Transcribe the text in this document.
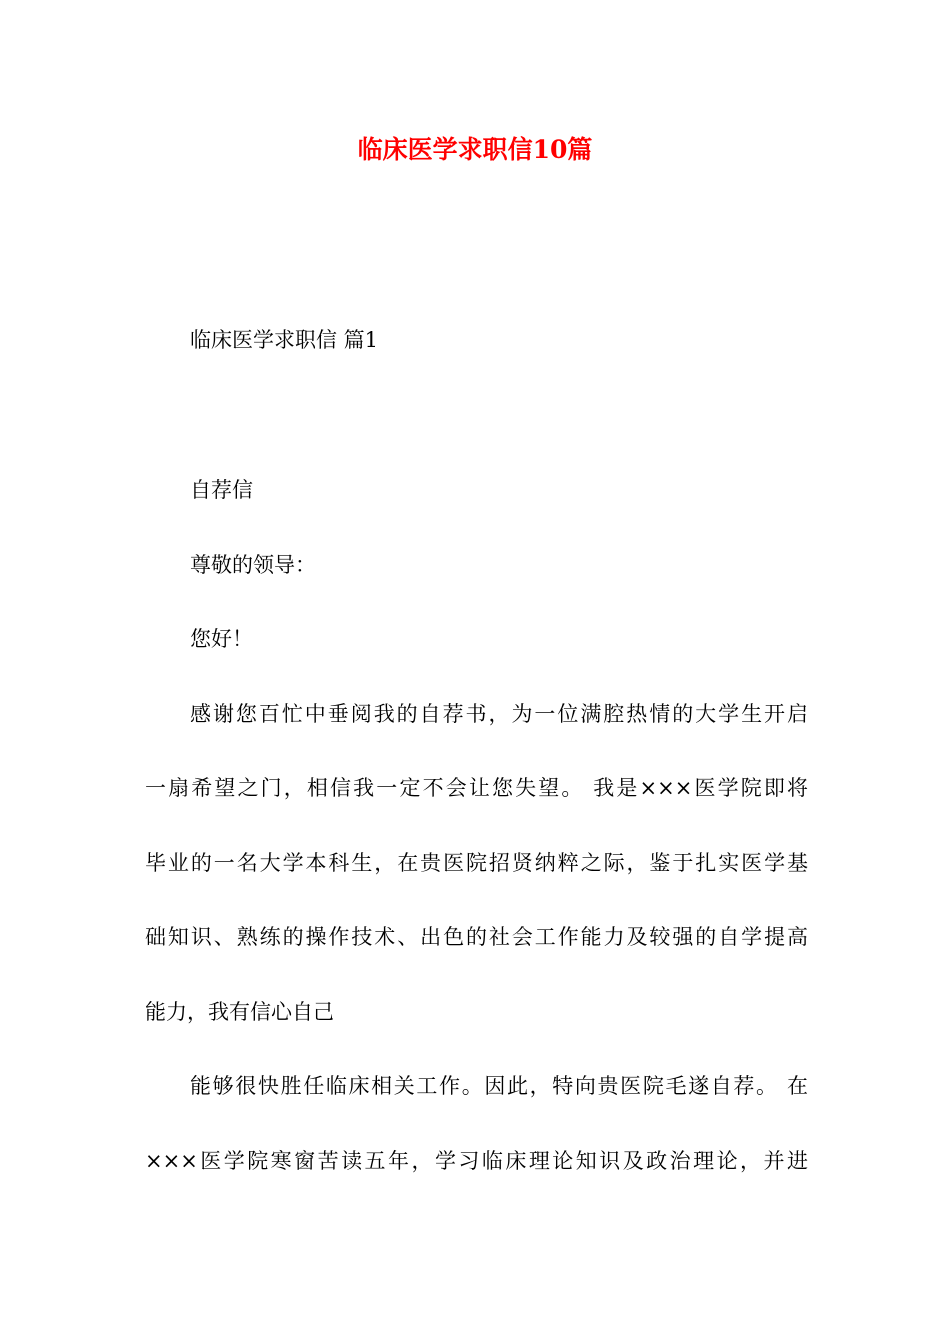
临床医学求职信10篇

临床医学求职信 篇1

自荐信

尊敬的领导：

您好！

感谢您百忙中垂阅我的自荐书，为一位满腔热情的大学生开启

一扇希望之门，相信我一定不会让您失望。 我是×××医学院即将

毕业的一名大学本科生，在贵医院招贤纳粹之际，鉴于扎实医学基

础知识、熟练的操作技术、出色的社会工作能力及较强的自学提高

能力，我有信心自己

能够很快胜任临床相关工作。因此，特向贵医院毛遂自荐。 在

×××医学院寒窗苦读五年，学习临床理论知识及政治理论，并进
